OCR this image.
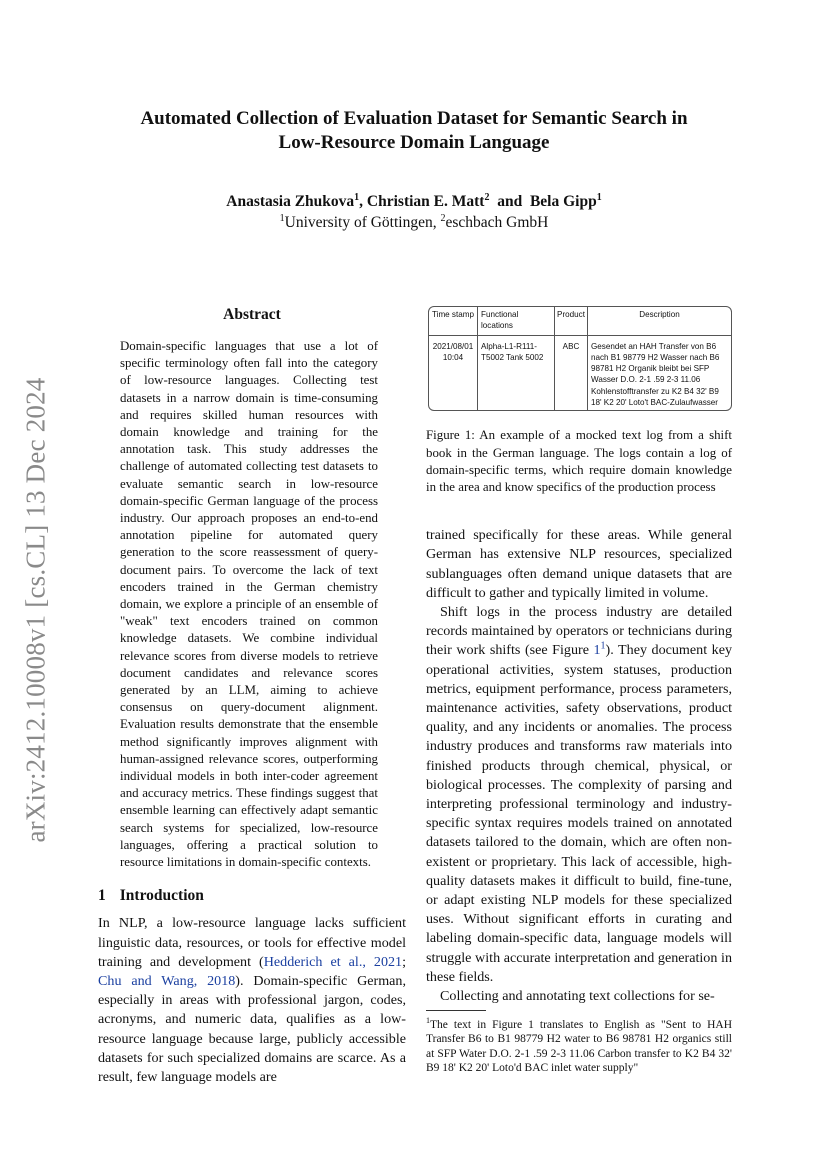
arXiv:2412.10008v1 [cs.CL] 13 Dec 2024
Automated Collection of Evaluation Dataset for Semantic Search in
Low-Resource Domain Language
Anastasia Zhukova$^1$, Christian E. Matt$^2$  and  Bela Gipp$^1$
$^1$University of Göttingen, $^2$eschbach GmbH
Abstract

Domain-specific languages that use a lot of specific terminology often fall into the category of low-resource languages. Collecting test datasets in a narrow domain is time-consuming and requires skilled human resources with domain knowledge and training for the annotation task. This study addresses the challenge of automated collecting test datasets to evaluate semantic search in low-resource domain-specific German language of the process industry. Our approach proposes an end-to-end annotation pipeline for automated query generation to the score reassessment of query-document pairs. To overcome the lack of text encoders trained in the German chemistry domain, we explore a principle of an ensemble of "weak" text encoders trained on common knowledge datasets. We combine individual relevance scores from diverse models to retrieve document candidates and relevance scores generated by an LLM, aiming to achieve consensus on query-document alignment. Evaluation results demonstrate that the ensemble method significantly improves alignment with human-assigned relevance scores, outperforming individual models in both inter-coder agreement and accuracy metrics. These findings suggest that ensemble learning can effectively adapt semantic search systems for specialized, low-resource languages, offering a practical solution to resource limitations in domain-specific contexts.

1 Introduction

In NLP, a low-resource language lacks sufficient linguistic data, resources, or tools for effective model training and development (Hedderich et al., 2021; Chu and Wang, 2018). Domain-specific German, especially in areas with professional jargon, codes, acronyms, and numeric data, qualifies as a low-resource language because large, publicly accessible datasets for such specialized domains are scarce. As a result, few language models are

Time stamp Functional locations
Product	Description
2021/08/01 10:04
Alpha-L1-R111-T5002 Tank 5002
ABC	Gesendet an HAH Transfer von B6 nach B1 98779 H2 Wasser nach B6 98781 H2 Organik bleibt bei SFP Wasser D.O. 2-1 .59 2-3 11.06 Kohlenstofftransfer zu K2 B4 32' B9 18' K2 20' Loto't BAC-Zulaufwasser

Figure 1: An example of a mocked text log from a shift book in the German language. The logs contain a log of domain-specific terms, which require domain knowledge in the area and know specifics of the production process

trained specifically for these areas. While general German has extensive NLP resources, specialized sublanguages often demand unique datasets that are difficult to gather and typically limited in volume.

Shift logs in the process industry are detailed records maintained by operators or technicians during their work shifts (see Figure 1$^1$). They document key operational activities, system statuses, production metrics, equipment performance, process parameters, maintenance activities, safety observations, product quality, and any incidents or anomalies. The process industry produces and transforms raw materials into finished products through chemical, physical, or biological processes. The complexity of parsing and interpreting professional terminology and industry-specific syntax requires models trained on annotated datasets tailored to the domain, which are often non-existent or proprietary. This lack of accessible, high-quality datasets makes it difficult to build, fine-tune, or adapt existing NLP models for these specialized uses. Without significant efforts in curating and labeling domain-specific data, language models will struggle with accurate interpretation and generation in these fields.

Collecting and annotating text collections for se-

$^1$The text in Figure 1 translates to English as "Sent to HAH Transfer B6 to B1 98779 H2 water to B6 98781 H2 organics still at SFP Water D.O. 2-1 .59 2-3 11.06 Carbon transfer to K2 B4 32' B9 18' K2 20' Loto'd BAC inlet water supply"
